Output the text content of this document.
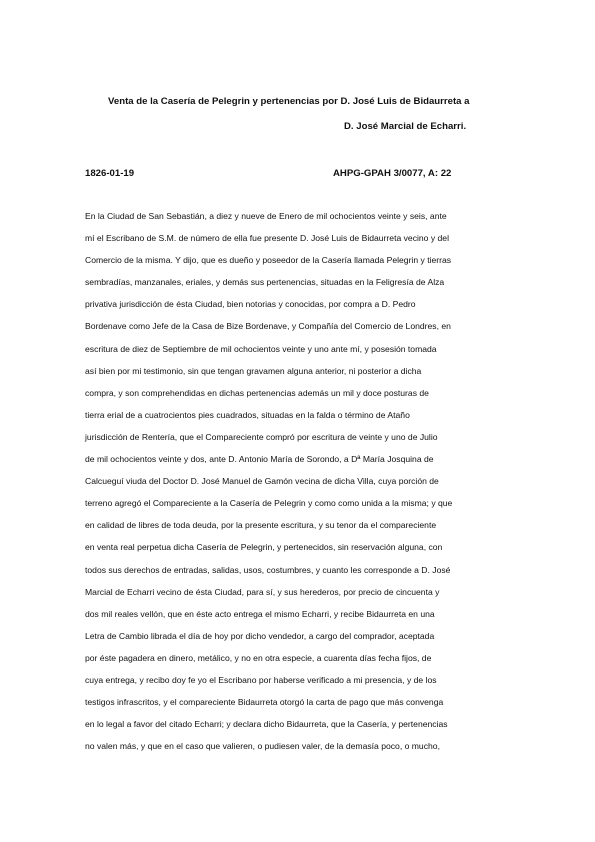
Venta de la Casería de Pelegrin y pertenencias por D. José Luis de Bidaurreta a
D. José Marcial de Echarri.
1826-01-19	AHPG-GPAH 3/0077, A: 22
En la Ciudad de San Sebastián, a diez y nueve de Enero de mil ochocientos veinte y seis, ante
mí el Escribano de S.M. de número de ella fue presente D. José Luis de Bidaurreta vecino y del
Comercio de la misma. Y dijo, que es dueño y poseedor de la Casería llamada Pelegrin y tierras
sembradías, manzanales, eriales, y demás sus pertenencias, situadas en la Feligresía de Alza
privativa jurisdicción de ésta Ciudad, bien notorias y conocidas, por compra a D. Pedro
Bordenave como Jefe de la Casa de Bize Bordenave, y Compañía del Comercio de Londres, en
escritura de diez de Septiembre de mil ochocientos veinte y uno ante mí, y posesión tomada
así bien por mi testimonio, sin que tengan gravamen alguna anterior, ni posterior a dicha
compra, y son comprehendidas en dichas pertenencias además un mil y doce posturas de
tierra erial de a cuatrocientos pies cuadrados, situadas en la falda o término de Ataño
jurisdicción de Rentería, que el Compareciente compró por escritura de veinte y uno de Julio
de mil ochocientos veinte y dos, ante D. Antonio María de Sorondo, a Dª María Josquina de
Calcueguí viuda del Doctor D. José Manuel de Gamón vecina de dicha Villa, cuya porción de
terreno agregó el Compareciente a la Casería de Pelegrin y como como unida a la misma; y que
en calidad de libres de toda deuda, por la presente escritura, y su tenor da el compareciente
en venta real perpetua dicha Casería de Pelegrin, y pertenecidos, sin reservación alguna, con
todos sus derechos de entradas, salidas, usos, costumbres, y cuanto les corresponde a D. José
Marcial de Echarri vecino de ésta Ciudad, para sí, y sus herederos, por precio de cincuenta y
dos mil reales vellón, que en éste acto entrega el mismo Echarri, y recibe Bidaurreta en una
Letra de Cambio librada el día de hoy por dicho vendedor, a cargo del comprador, aceptada
por éste pagadera en dinero, metálico, y no en otra especie, a cuarenta días fecha fijos, de
cuya entrega, y recibo doy fe yo el Escribano por haberse verificado a mi presencia, y de los
testigos infrascritos, y el compareciente Bidaurreta otorgó la carta de pago que más convenga
en lo legal a favor del citado Echarri; y declara dicho Bidaurreta, que la Casería, y pertenencias
no valen más, y que en el caso que valieren, o pudiesen valer, de la demasía poco, o mucho,
